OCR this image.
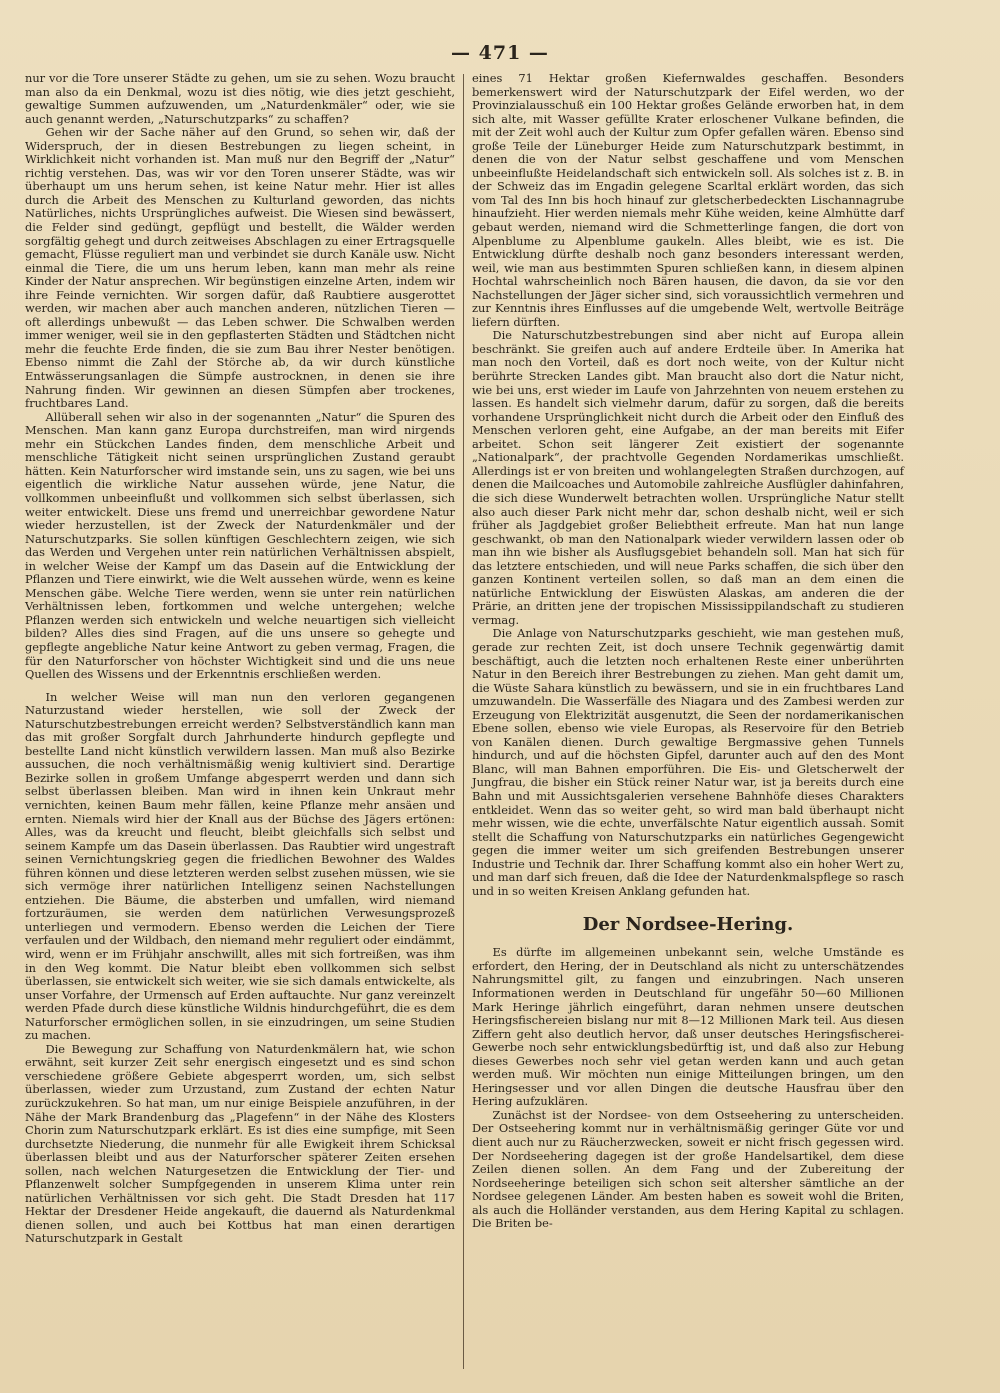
— 471 —

nur vor die Tore unserer Städte zu gehen, um sie zu sehen. Wozu braucht man also da ein Denkmal, wozu ist dies nötig, wie dies jetzt geschieht, gewaltige Summen aufzuwenden, um „Naturdenkmäler“ oder, wie sie auch genannt werden, „Naturschutzparks“ zu schaffen?

Gehen wir der Sache näher auf den Grund, so sehen wir, daß der Widerspruch, der in diesen Bestrebungen zu liegen scheint, in Wirklichkeit nicht vorhanden ist. Man muß nur den Begriff der „Natur“ richtig verstehen. Das, was wir vor den Toren unserer Städte, was wir überhaupt um uns herum sehen, ist keine Natur mehr. Hier ist alles durch die Arbeit des Menschen zu Kulturland geworden, das nichts Natürliches, nichts Ursprüngliches aufweist. Die Wiesen sind bewässert, die Felder sind gedüngt, gepflügt und bestellt, die Wälder werden sorgfältig gehegt und durch zeitweises Abschlagen zu einer Ertragsquelle gemacht, Flüsse reguliert man und verbindet sie durch Kanäle usw. Nicht einmal die Tiere, die um uns herum leben, kann man mehr als reine Kinder der Natur ansprechen. Wir begünstigen einzelne Arten, indem wir ihre Feinde vernichten. Wir sorgen dafür, daß Raubtiere ausgerottet werden, wir machen aber auch manchen anderen, nützlichen Tieren — oft allerdings unbewußt — das Leben schwer. Die Schwalben werden immer weniger, weil sie in den gepflasterten Städten und Städtchen nicht mehr die feuchte Erde finden, die sie zum Bau ihrer Nester benötigen. Ebenso nimmt die Zahl der Störche ab, da wir durch künstliche Entwässerungsanlagen die Sümpfe austrocknen, in denen sie ihre Nahrung finden. Wir gewinnen an diesen Sümpfen aber trockenes, fruchtbares Land.

Allüberall sehen wir also in der sogenannten „Natur“ die Spuren des Menschen. Man kann ganz Europa durchstreifen, man wird nirgends mehr ein Stückchen Landes finden, dem menschliche Arbeit und menschliche Tätigkeit nicht seinen ursprünglichen Zustand geraubt hätten. Kein Naturforscher wird imstande sein, uns zu sagen, wie bei uns eigentlich die wirkliche Natur aussehen würde, jene Natur, die vollkommen unbeeinflußt und vollkommen sich selbst überlassen, sich weiter entwickelt. Diese uns fremd und unerreichbar gewordene Natur wieder herzustellen, ist der Zweck der Naturdenkmäler und der Naturschutzparks. Sie sollen künftigen Geschlechtern zeigen, wie sich das Werden und Vergehen unter rein natürlichen Verhältnissen abspielt, in welcher Weise der Kampf um das Dasein auf die Entwicklung der Pflanzen und Tiere einwirkt, wie die Welt aussehen würde, wenn es keine Menschen gäbe. Welche Tiere werden, wenn sie unter rein natürlichen Verhältnissen leben, fortkommen und welche untergehen; welche Pflanzen werden sich entwickeln und welche neuartigen sich vielleicht bilden? Alles dies sind Fragen, auf die uns unsere so gehegte und gepflegte angebliche Natur keine Antwort zu geben vermag, Fragen, die für den Naturforscher von höchster Wichtigkeit sind und die uns neue Quellen des Wissens und der Erkenntnis erschließen werden.

In welcher Weise will man nun den verloren gegangenen Naturzustand wieder herstellen, wie soll der Zweck der Naturschutzbestrebungen erreicht werden? Selbstverständlich kann man das mit großer Sorgfalt durch Jahrhunderte hindurch gepflegte und bestellte Land nicht künstlich verwildern lassen. Man muß also Bezirke aussuchen, die noch verhältnismäßig wenig kultiviert sind. Derartige Bezirke sollen in großem Umfange abgesperrt werden und dann sich selbst überlassen bleiben. Man wird in ihnen kein Unkraut mehr vernichten, keinen Baum mehr fällen, keine Pflanze mehr ansäen und ernten. Niemals wird hier der Knall aus der Büchse des Jägers ertönen: Alles, was da kreucht und fleucht, bleibt gleichfalls sich selbst und seinem Kampfe um das Dasein überlassen. Das Raubtier wird ungestraft seinen Vernichtungskrieg gegen die friedlichen Bewohner des Waldes führen können und diese letzteren werden selbst zusehen müssen, wie sie sich vermöge ihrer natürlichen Intelligenz seinen Nachstellungen entziehen. Die Bäume, die absterben und umfallen, wird niemand fortzuräumen, sie werden dem natürlichen Verwesungsprozeß unterliegen und vermodern. Ebenso werden die Leichen der Tiere verfaulen und der Wildbach, den niemand mehr reguliert oder eindämmt, wird, wenn er im Frühjahr anschwillt, alles mit sich fortreißen, was ihm in den Weg kommt. Die Natur bleibt eben vollkommen sich selbst überlassen, sie entwickelt sich weiter, wie sie sich damals entwickelte, als unser Vorfahre, der Urmensch auf Erden auftauchte. Nur ganz vereinzelt werden Pfade durch diese künstliche Wildnis hindurchgeführt, die es dem Naturforscher ermöglichen sollen, in sie einzudringen, um seine Studien zu machen.

Die Bewegung zur Schaffung von Naturdenkmälern hat, wie schon erwähnt, seit kurzer Zeit sehr energisch eingesetzt und es sind schon verschiedene größere Gebiete abgesperrt worden, um, sich selbst überlassen, wieder zum Urzustand, zum Zustand der echten Natur zurückzukehren. So hat man, um nur einige Beispiele anzuführen, in der Nähe der Mark Brandenburg das „Plagefenn“ in der Nähe des Klosters Chorin zum Naturschutzpark erklärt. Es ist dies eine sumpfige, mit Seen durchsetzte Niederung, die nunmehr für alle Ewigkeit ihrem Schicksal überlassen bleibt und aus der Naturforscher späterer Zeiten ersehen sollen, nach welchen Naturgesetzen die Entwicklung der Tier- und Pflanzenwelt solcher Sumpfgegenden in unserem Klima unter rein natürlichen Verhältnissen vor sich geht. Die Stadt Dresden hat 117 Hektar der Dresdener Heide angekauft, die dauernd als Naturdenkmal dienen sollen, und auch bei Kottbus hat man einen derartigen Naturschutzpark in Gestalt

eines 71 Hektar großen Kiefernwaldes geschaffen. Besonders bemerkenswert wird der Naturschutzpark der Eifel werden, wo der Provinzialausschuß ein 100 Hektar großes Gelände erworben hat, in dem sich alte, mit Wasser gefüllte Krater erloschener Vulkane befinden, die mit der Zeit wohl auch der Kultur zum Opfer gefallen wären. Ebenso sind große Teile der Lüneburger Heide zum Naturschutzpark bestimmt, in denen die von der Natur selbst geschaffene und vom Menschen unbeeinflußte Heidelandschaft sich entwickeln soll. Als solches ist z. B. in der Schweiz das im Engadin gelegene Scarltal erklärt worden, das sich vom Tal des Inn bis hoch hinauf zur gletscherbedeckten Lischannagrube hinaufzieht. Hier werden niemals mehr Kühe weiden, keine Almhütte darf gebaut werden, niemand wird die Schmetterlinge fangen, die dort von Alpenblume zu Alpenblume gaukeln. Alles bleibt, wie es ist. Die Entwicklung dürfte deshalb noch ganz besonders interessant werden, weil, wie man aus bestimmten Spuren schließen kann, in diesem alpinen Hochtal wahrscheinlich noch Bären hausen, die davon, da sie vor den Nachstellungen der Jäger sicher sind, sich voraussichtlich vermehren und zur Kenntnis ihres Einflusses auf die umgebende Welt, wertvolle Beiträge liefern dürften.

Die Naturschutzbestrebungen sind aber nicht auf Europa allein beschränkt. Sie greifen auch auf andere Erdteile über. In Amerika hat man noch den Vorteil, daß es dort noch weite, von der Kultur nicht berührte Strecken Landes gibt. Man braucht also dort die Natur nicht, wie bei uns, erst wieder im Laufe von Jahrzehnten von neuem erstehen zu lassen. Es handelt sich vielmehr darum, dafür zu sorgen, daß die bereits vorhandene Ursprünglichkeit nicht durch die Arbeit oder den Einfluß des Menschen verloren geht, eine Aufgabe, an der man bereits mit Eifer arbeitet. Schon seit längerer Zeit existiert der sogenannte „Nationalpark“, der prachtvolle Gegenden Nordamerikas umschließt. Allerdings ist er von breiten und wohlangelegten Straßen durchzogen, auf denen die Mailcoaches und Automobile zahlreiche Ausflügler dahinfahren, die sich diese Wunderwelt betrachten wollen. Ursprüngliche Natur stellt also auch dieser Park nicht mehr dar, schon deshalb nicht, weil er sich früher als Jagdgebiet großer Beliebtheit erfreute. Man hat nun lange geschwankt, ob man den Nationalpark wieder verwildern lassen oder ob man ihn wie bisher als Ausflugsgebiet behandeln soll. Man hat sich für das letztere entschieden, und will neue Parks schaffen, die sich über den ganzen Kontinent verteilen sollen, so daß man an dem einen die natürliche Entwicklung der Eiswüsten Alaskas, am anderen die der Prärie, an dritten jene der tropischen Mississippilandschaft zu studieren vermag.

Die Anlage von Naturschutzparks geschieht, wie man gestehen muß, gerade zur rechten Zeit, ist doch unsere Technik gegenwärtig damit beschäftigt, auch die letzten noch erhaltenen Reste einer unberührten Natur in den Bereich ihrer Bestrebungen zu ziehen. Man geht damit um, die Wüste Sahara künstlich zu bewässern, und sie in ein fruchtbares Land umzuwandeln. Die Wasserfälle des Niagara und des Zambesi werden zur Erzeugung von Elektrizität ausgenutzt, die Seen der nordamerikanischen Ebene sollen, ebenso wie viele Europas, als Reservoire für den Betrieb von Kanälen dienen. Durch gewaltige Bergmassive gehen Tunnels hindurch, und auf die höchsten Gipfel, darunter auch auf den des Mont Blanc, will man Bahnen emporführen. Die Eis- und Gletscherwelt der Jungfrau, die bisher ein Stück reiner Natur war, ist ja bereits durch eine Bahn und mit Aussichtsgalerien versehene Bahnhöfe dieses Charakters entkleidet. Wenn das so weiter geht, so wird man bald überhaupt nicht mehr wissen, wie die echte, unverfälschte Natur eigentlich aussah. Somit stellt die Schaffung von Naturschutzparks ein natürliches Gegengewicht gegen die immer weiter um sich greifenden Bestrebungen unserer Industrie und Technik dar. Ihrer Schaffung kommt also ein hoher Wert zu, und man darf sich freuen, daß die Idee der Naturdenkmalspflege so rasch und in so weiten Kreisen Anklang gefunden hat.

Der Nordsee-Hering.

Es dürfte im allgemeinen unbekannt sein, welche Umstände es erfordert, den Hering, der in Deutschland als nicht zu unterschätzendes Nahrungsmittel gilt, zu fangen und einzubringen. Nach unseren Informationen werden in Deutschland für ungefähr 50—60 Millionen Mark Heringe jährlich eingeführt, daran nehmen unsere deutschen Heringsfischereien bislang nur mit 8—12 Millionen Mark teil. Aus diesen Ziffern geht also deutlich hervor, daß unser deutsches Heringsfischerei-Gewerbe noch sehr entwicklungsbedürftig ist, und daß also zur Hebung dieses Gewerbes noch sehr viel getan werden kann und auch getan werden muß. Wir möchten nun einige Mitteilungen bringen, um den Heringsesser und vor allen Dingen die deutsche Hausfrau über den Hering aufzuklären.

Zunächst ist der Nordsee- von dem Ostseehering zu unterscheiden. Der Ostseehering kommt nur in verhältnismäßig geringer Güte vor und dient auch nur zu Räucherzwecken, soweit er nicht frisch gegessen wird. Der Nordseehering dagegen ist der große Handelsartikel, dem diese Zeilen dienen sollen. An dem Fang und der Zubereitung der Nordseeheringe beteiligen sich schon seit altersher sämtliche an der Nordsee gelegenen Länder. Am besten haben es soweit wohl die Briten, als auch die Holländer verstanden, aus dem Hering Kapital zu schlagen. Die Briten be-
